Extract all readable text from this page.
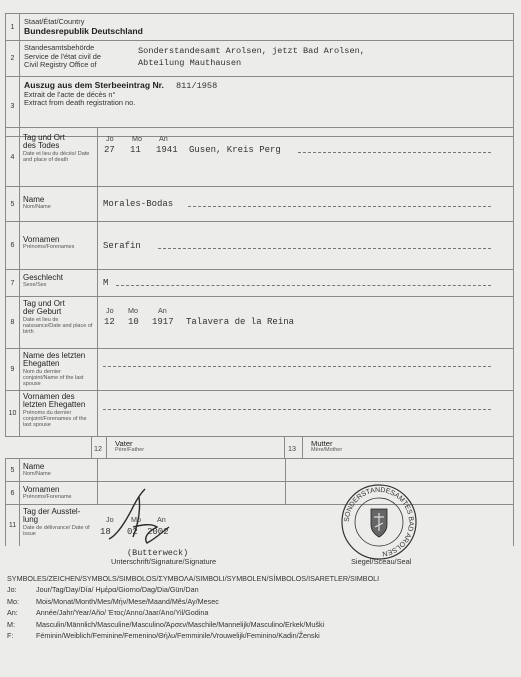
1
Staat/État/Country
Bundesrepublik Deutschland
2
Standesamtsbehörde
Service de l'état civil de
Civil Registry Office of
Sonderstandesamt Arolsen, jetzt Bad Arolsen,
Abteilung Mauthausen
3
Auszug aus dem Sterbeeintrag Nr. 811/1958
Extrait de l'acte de décès n°
Extract from death registration no.
4
Tag und Ort
des Todes
Date et lieu du décès/ Date and place of death
Jo	Mo An
27 11 1941 Gusen, Kreis Perg
5	Name
Nom/Name	Morales-Bodas
6
Vornamen
Prénoms/Forenames	Serafin
7
Geschlecht
Sexe/Sex	M
8
Tag und Ort
der Geburt
Date et lieu de naissance/Date and place of birth
Jo Mo	An
12 10 1917 Talavera de la Reina
9
Name des letzten
Ehegatten
Nom du dernier conjoint/Name of the last spouse
10
Vornamen des
letzten Ehegatten
Prénoms du dernier conjoint/Forenames of the last spouse
12
Vater
Père/Father	13
Mutter
Mère/Mother
5	Name
Nom/Name
6	Vornamen
Prénoms/Forename
11
Tag der Ausstel-
lung
Date de délivrance/ Date of issue
Jo Mo An
18 02 2002
(Butterweck)
Unterschrift/Signature/Signature	Siegel/Sceau/Seal
SONDERSTANDESAMTES BAD AROLSEN
SYMBOLES/ZEICHEN/SYMBOLS/SIMBOLOS/ΣΥΜΒΟΛΑ/SIMBOLI/SYMBOLEN/SÍMBOLOS/ISARETLER/SIMBOLI
Jo:	Jour/Tag/Day/Día/ Ημέρα/Giorno/Dag/Dia/Gün/Dan
Mo:	Mois/Monat/Month/Mes/Μήν/Mese/Maand/Mês/Ay/Mesec
An:	Année/Jahr/Year/Año/ Έτος/Anno/Jaar/Ano/Yil/Godina
M:	Masculin/Männlich/Masculine/Masculino/Άρσεν/Maschile/Mannelijk/Masculino/Erkek/Muški
F:	Féminin/Weiblich/Feminine/Femenino/Θήλυ/Femminile/Vrouwelijk/Feminino/Kadin/Ženski
